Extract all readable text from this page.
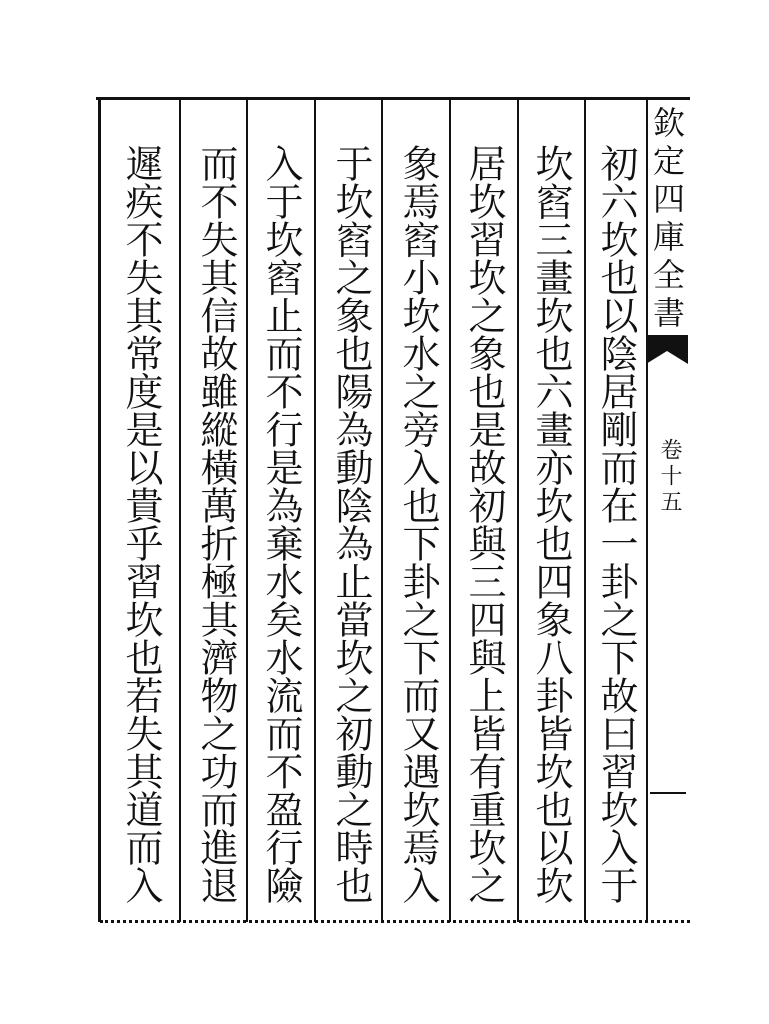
初六坎也以陰居剛而在一卦之下故曰習坎入于
坎窞三畫坎也六畫亦坎也四象八卦皆坎也以坎
居坎習坎之象也是故初與三四與上皆有重坎之
象焉窞小坎水之旁入也下卦之下而又遇坎焉入
于坎窞之象也陽為動陰為止當坎之初動之時也
入于坎窞止而不行是為棄水矣水流而不盈行險
而不失其信故雖縱橫萬折極其濟物之功而進退
遲疾不失其常度是以貴乎習坎也若失其道而入	欽定四庫全書
卷十五
